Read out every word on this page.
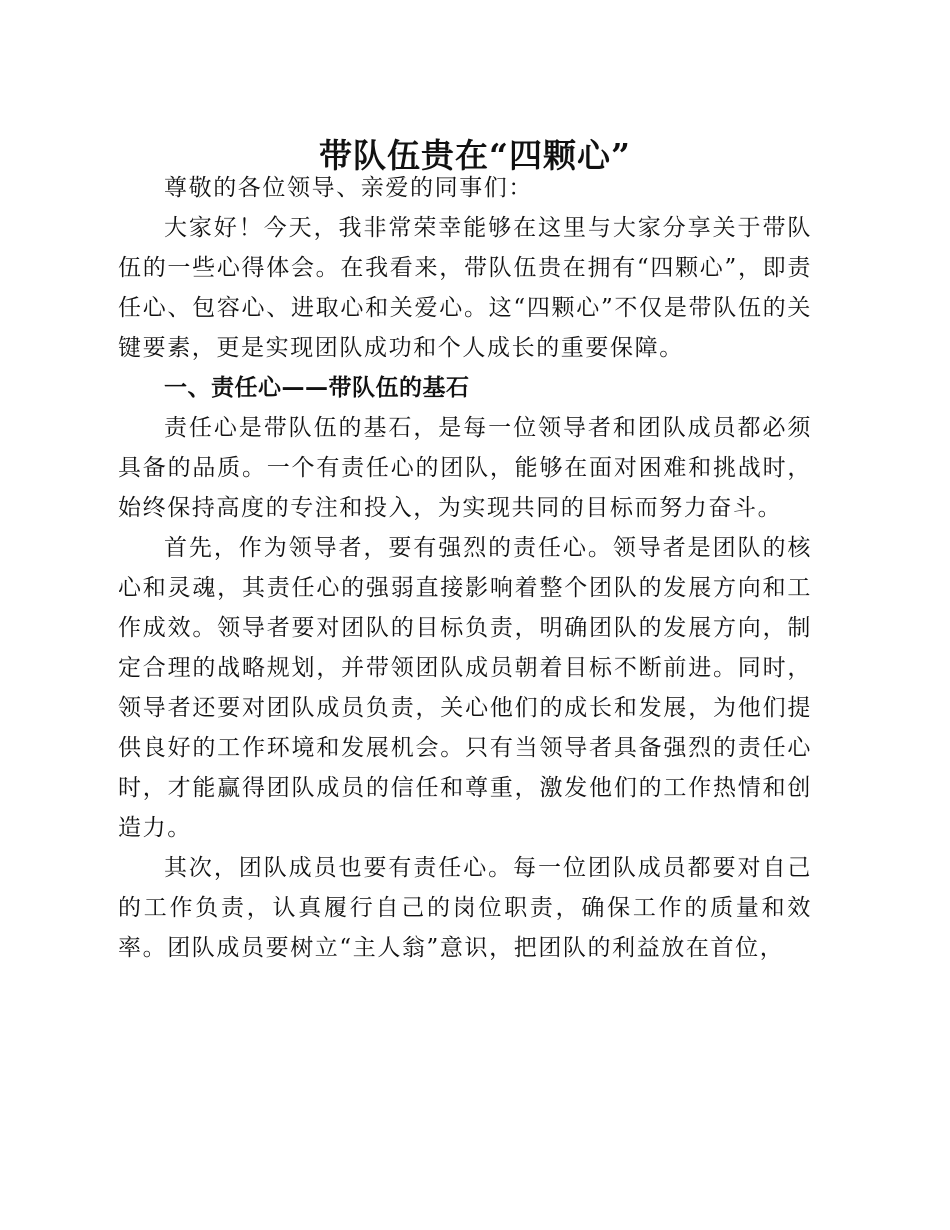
带队伍贵在“四颗心”

尊敬的各位领导、亲爱的同事们：

大家好！今天，我非常荣幸能够在这里与大家分享关于带队伍的一些心得体会。在我看来，带队伍贵在拥有“四颗心”，即责任心、包容心、进取心和关爱心。这“四颗心”不仅是带队伍的关键要素，更是实现团队成功和个人成长的重要保障。

一、责任心——带队伍的基石

责任心是带队伍的基石，是每一位领导者和团队成员都必须具备的品质。一个有责任心的团队，能够在面对困难和挑战时，始终保持高度的专注和投入，为实现共同的目标而努力奋斗。

首先，作为领导者，要有强烈的责任心。领导者是团队的核心和灵魂，其责任心的强弱直接影响着整个团队的发展方向和工作成效。领导者要对团队的目标负责，明确团队的发展方向，制定合理的战略规划，并带领团队成员朝着目标不断前进。同时，领导者还要对团队成员负责，关心他们的成长和发展，为他们提供良好的工作环境和发展机会。只有当领导者具备强烈的责任心时，才能赢得团队成员的信任和尊重，激发他们的工作热情和创造力。

其次，团队成员也要有责任心。每一位团队成员都要对自己的工作负责，认真履行自己的岗位职责，确保工作的质量和效率。团队成员要树立“主人翁”意识，把团队的利益放在首位，
